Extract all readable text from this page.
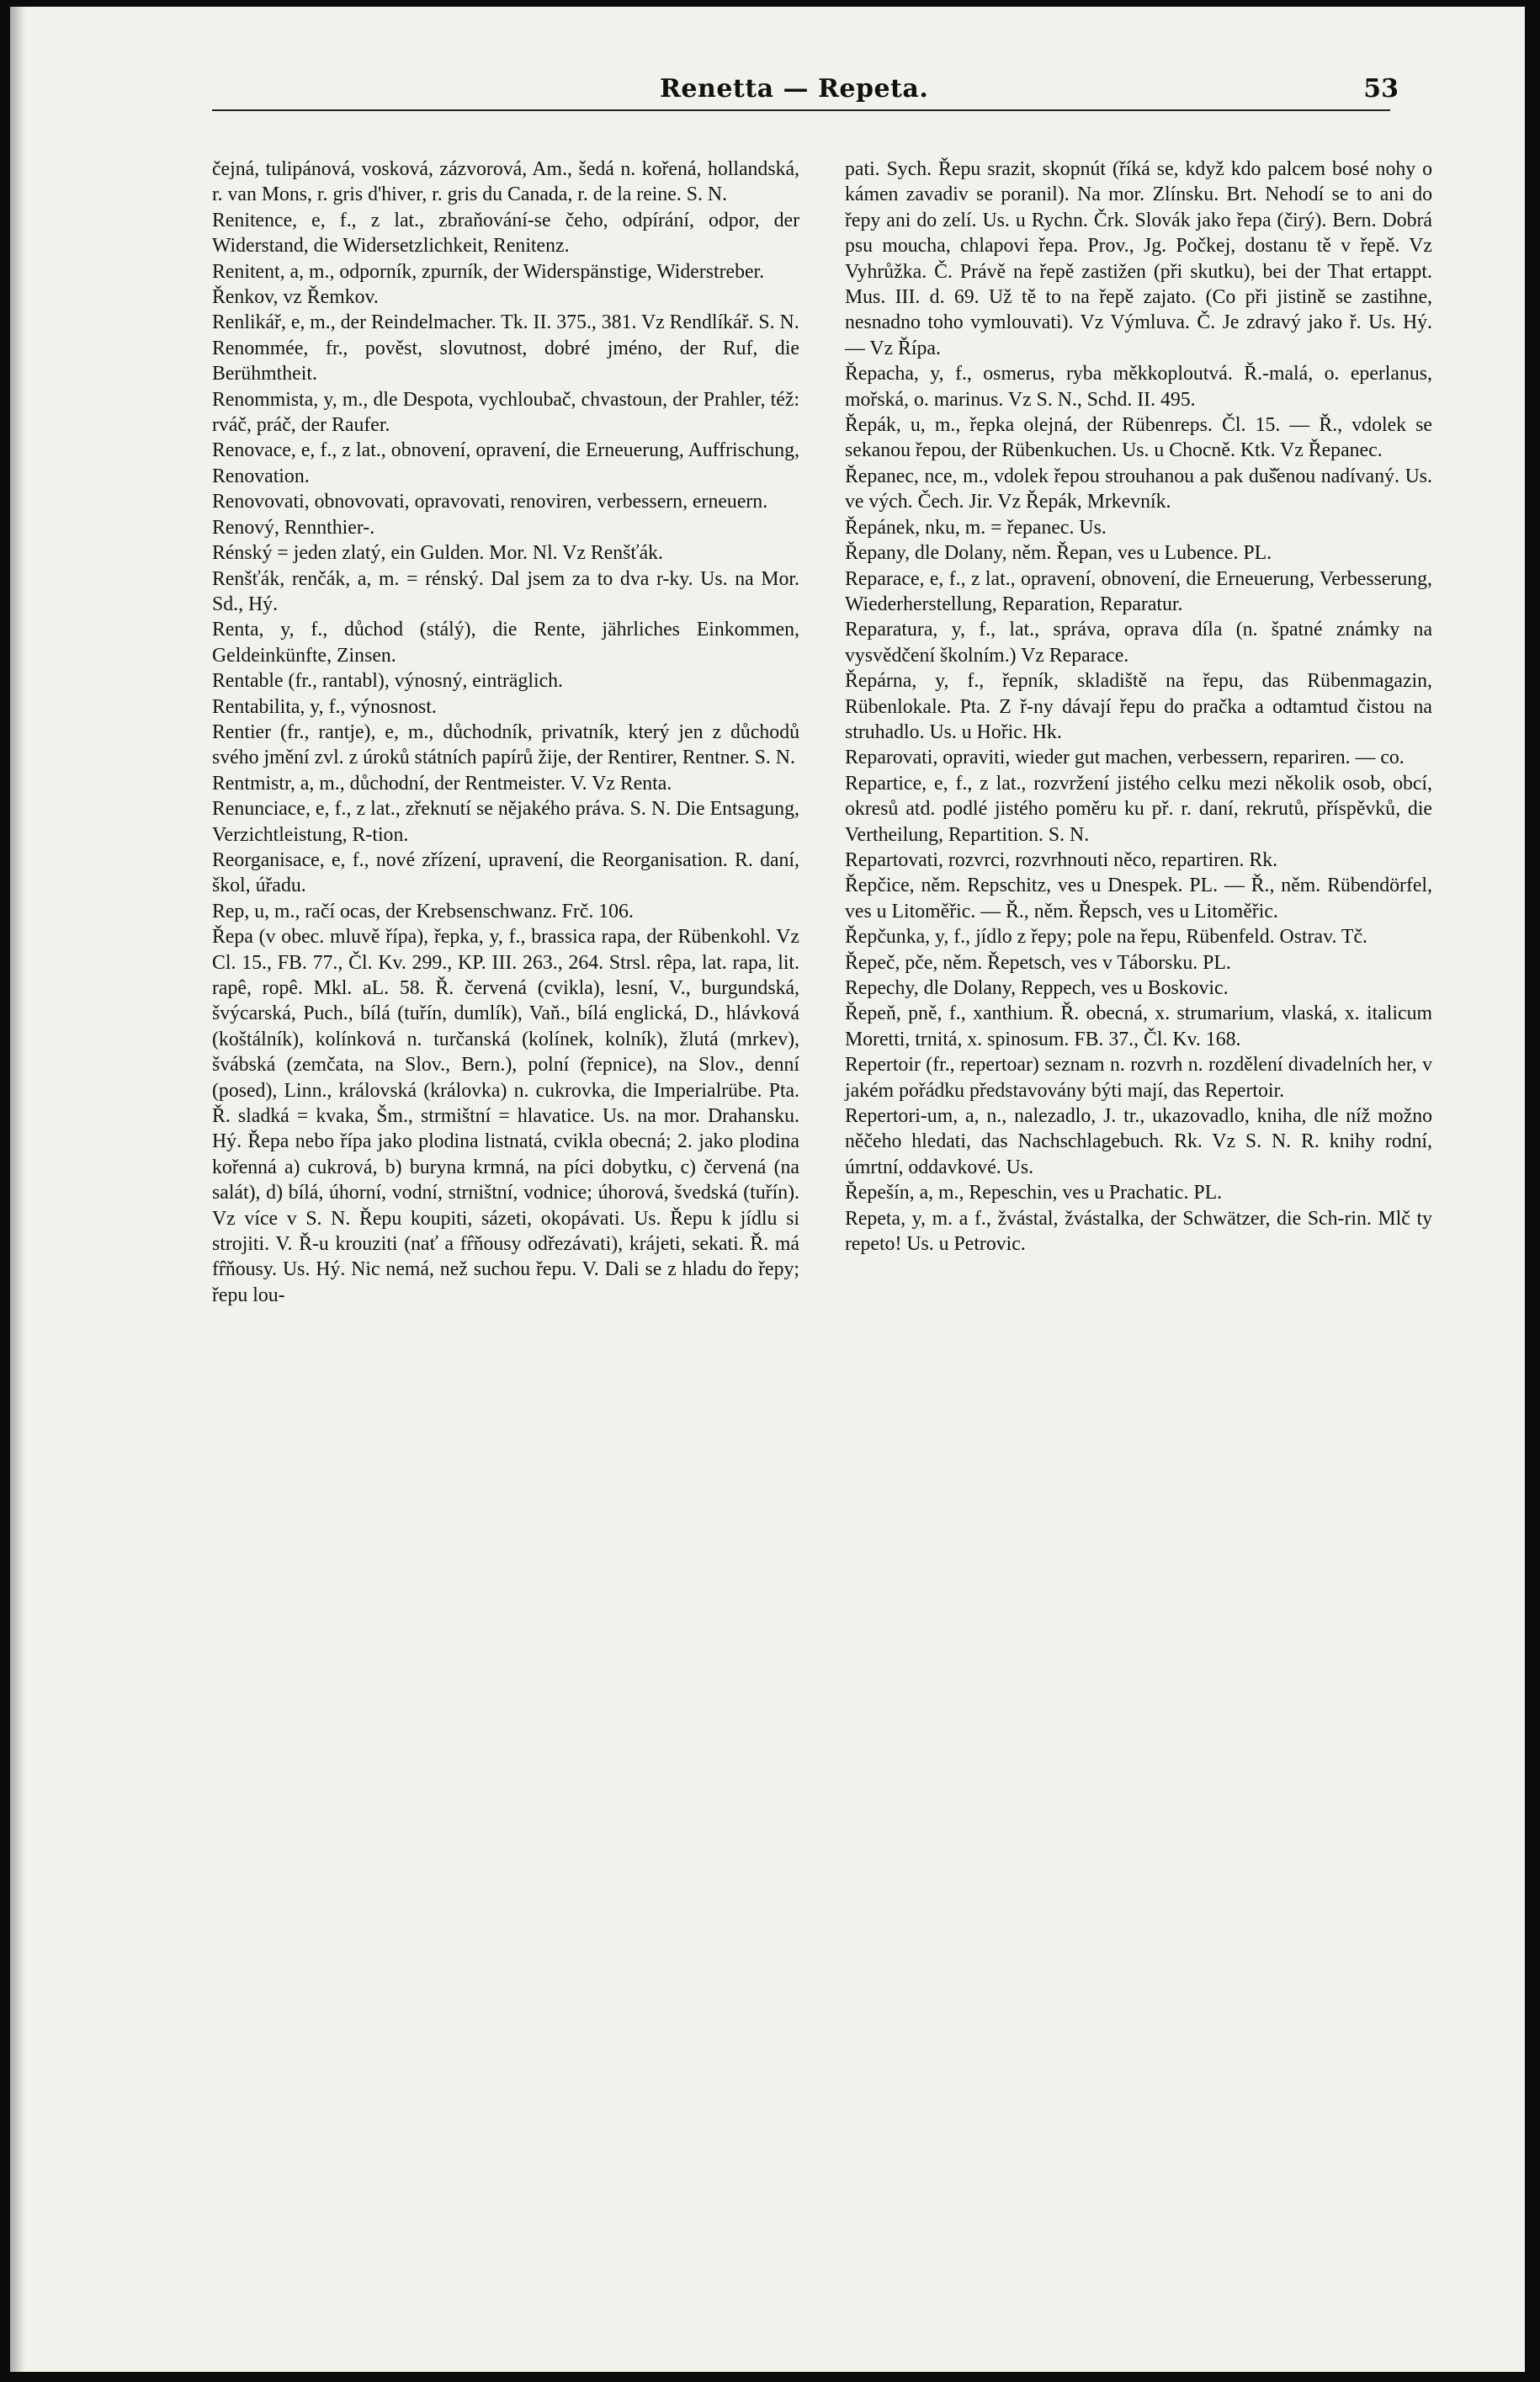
Renetta — Repeta.	53

čejná, tulipánová, vosková, zázvorová, Am., šedá n. kořená, hollandská, r. van Mons, r. gris d'hiver, r. gris du Canada, r. de la reine. S. N.

Renitence, e, f., z lat., zbraňování-se čeho, odpírání, odpor, der Widerstand, die Widersetzlichkeit, Renitenz.

Renitent, a, m., odporník, zpurník, der Widerspänstige, Widerstreber.

Řenkov, vz Řemkov.

Renlikář, e, m., der Reindelmacher. Tk. II. 375., 381. Vz Rendlíkář. S. N.

Renommée, fr., pověst, slovutnost, dobré jméno, der Ruf, die Berühmtheit.

Renommista, y, m., dle Despota, vychloubač, chvastoun, der Prahler, též: rváč, práč, der Raufer.

Renovace, e, f., z lat., obnovení, opravení, die Erneuerung, Auffrischung, Renovation.

Renovovati, obnovovati, opravovati, renoviren, verbessern, erneuern.

Renový, Rennthier-.

Rénský = jeden zlatý, ein Gulden. Mor. Nl. Vz Renšťák.

Renšťák, renčák, a, m. = rénský. Dal jsem za to dva r-ky. Us. na Mor. Sd., Hý.

Renta, y, f., důchod (stálý), die Rente, jährliches Einkommen, Geldeinkünfte, Zinsen.

Rentable (fr., rantabl), výnosný, einträglich.

Rentabilita, y, f., výnosnost.

Rentier (fr., rantje), e, m., důchodník, privatník, který jen z důchodů svého jmění zvl. z úroků státních papírů žije, der Rentirer, Rentner. S. N.

Rentmistr, a, m., důchodní, der Rentmeister. V. Vz Renta.

Renunciace, e, f., z lat., zřeknutí se nějakého práva. S. N. Die Entsagung, Verzichtleistung, R-tion.

Reorganisace, e, f., nové zřízení, upravení, die Reorganisation. R. daní, škol, úřadu.

Rep, u, m., račí ocas, der Krebsenschwanz. Frč. 106.

Řepa (v obec. mluvě řípa), řepka, y, f., brassica rapa, der Rübenkohl. Vz Cl. 15., FB. 77., Čl. Kv. 299., KP. III. 263., 264. Strsl. rêpa, lat. rapa, lit. rapê, ropê. Mkl. aL. 58. Ř. červená (cvikla), lesní, V., burgundská, švýcarská, Puch., bílá (tuřín, dumlík), Vaň., bílá englická, D., hlávková (koštálník), kolínková n. turčanská (kolínek, kolník), žlutá (mrkev), švábská (zemčata, na Slov., Bern.), polní (řepnice), na Slov., denní (posed), Linn., královská (královka) n. cukrovka, die Imperialrübe. Pta. Ř. sladká = kvaka, Šm., strmištní = hlavatice. Us. na mor. Drahansku. Hý. Řepa nebo řípa jako plodina listnatá, cvikla obecná; 2. jako plodina kořenná a) cukrová, b) buryna krmná, na píci dobytku, c) červená (na salát), d) bílá, úhorní, vodní, strništní, vodnice; úhorová, švedská (tuřín). Vz více v S. N. Řepu koupiti, sázeti, okopávati. Us. Řepu k jídlu si strojiti. V. Ř-u krouziti (nať a fr̂ňousy odřezávati), krájeti, sekati. Ř. má fr̂ňousy. Us. Hý. Nic nemá, než suchou řepu. V. Dali se z hladu do řepy; řepu lou-

pati. Sych. Řepu srazit, skopnút (říká se, když kdo palcem bosé nohy o kámen zavadiv se poranil). Na mor. Zlínsku. Brt. Nehodí se to ani do řepy ani do zelí. Us. u Rychn. Črk. Slovák jako řepa (čirý). Bern. Dobrá psu moucha, chlapovi řepa. Prov., Jg. Počkej, dostanu tě v řepě. Vz Vyhrůžka. Č. Právě na řepě zastižen (při skutku), bei der That ertappt. Mus. III. d. 69. Už tě to na řepě zajato. (Co při jistině se zastihne, nesnadno toho vymlouvati). Vz Výmluva. Č. Je zdravý jako ř. Us. Hý. — Vz Řípa.

Řepacha, y, f., osmerus, ryba měkkoploutvá. Ř.-malá, o. eperlanus, mořská, o. marinus. Vz S. N., Schd. II. 495.

Řepák, u, m., řepka olejná, der Rübenreps. Čl. 15. — Ř., vdolek se sekanou řepou, der Rübenkuchen. Us. u Chocně. Ktk. Vz Řepanec.

Řepanec, nce, m., vdolek řepou strouhanou a pak duš̌enou nadívaný. Us. ve vých. Čech. Jir. Vz Řepák, Mrkevník.

Řepánek, nku, m. = řepanec. Us.

Řepany, dle Dolany, něm. Řepan, ves u Lubence. PL.

Reparace, e, f., z lat., opravení, obnovení, die Erneuerung, Verbesserung, Wiederherstellung, Reparation, Reparatur.

Reparatura, y, f., lat., správa, oprava díla (n. špatné známky na vysvědčení školním.) Vz Reparace.

Řepárna, y, f., řepník, skladiště na řepu, das Rübenmagazin, Rübenlokale. Pta. Z ř-ny dávají řepu do pračka a odtamtud čistou na struhadlo. Us. u Hořic. Hk.

Reparovati, opraviti, wieder gut machen, verbessern, repariren. — co.

Repartice, e, f., z lat., rozvržení jistého celku mezi několik osob, obcí, okresů atd. podlé jistého poměru ku př. r. daní, rekrutů, příspěvků, die Vertheilung, Repartition. S. N.

Repartovati, rozvrci, rozvrhnouti něco, repartiren. Rk.

Řepčice, něm. Repschitz, ves u Dnespek. PL. — Ř., něm. Rübendörfel, ves u Litoměřic. — Ř., něm. Řepsch, ves u Litoměřic.

Řepčunka, y, f., jídlo z řepy; pole na řepu, Rübenfeld. Ostrav. Tč.

Řepeč, pče, něm. Řepetsch, ves v Táborsku. PL.

Repechy, dle Dolany, Reppech, ves u Boskovic.

Řepeň, pně, f., xanthium. Ř. obecná, x. strumarium, vlaská, x. italicum Moretti, trnitá, x. spinosum. FB. 37., Čl. Kv. 168.

Repertoir (fr., repertoar) seznam n. rozvrh n. rozdělení divadelních her, v jakém pořádku představovány býti mají, das Repertoir.

Repertori-um, a, n., nalezadlo, J. tr., ukazovadlo, kniha, dle níž možno něčeho hledati, das Nachschlagebuch. Rk. Vz S. N. R. knihy rodní, úmrtní, oddavkové. Us.

Řepešín, a, m., Repeschin, ves u Prachatic. PL.

Repeta, y, m. a f., žvástal, žvástalka, der Schwätzer, die Sch-rin. Mlč ty repeto! Us. u Petrovic.
